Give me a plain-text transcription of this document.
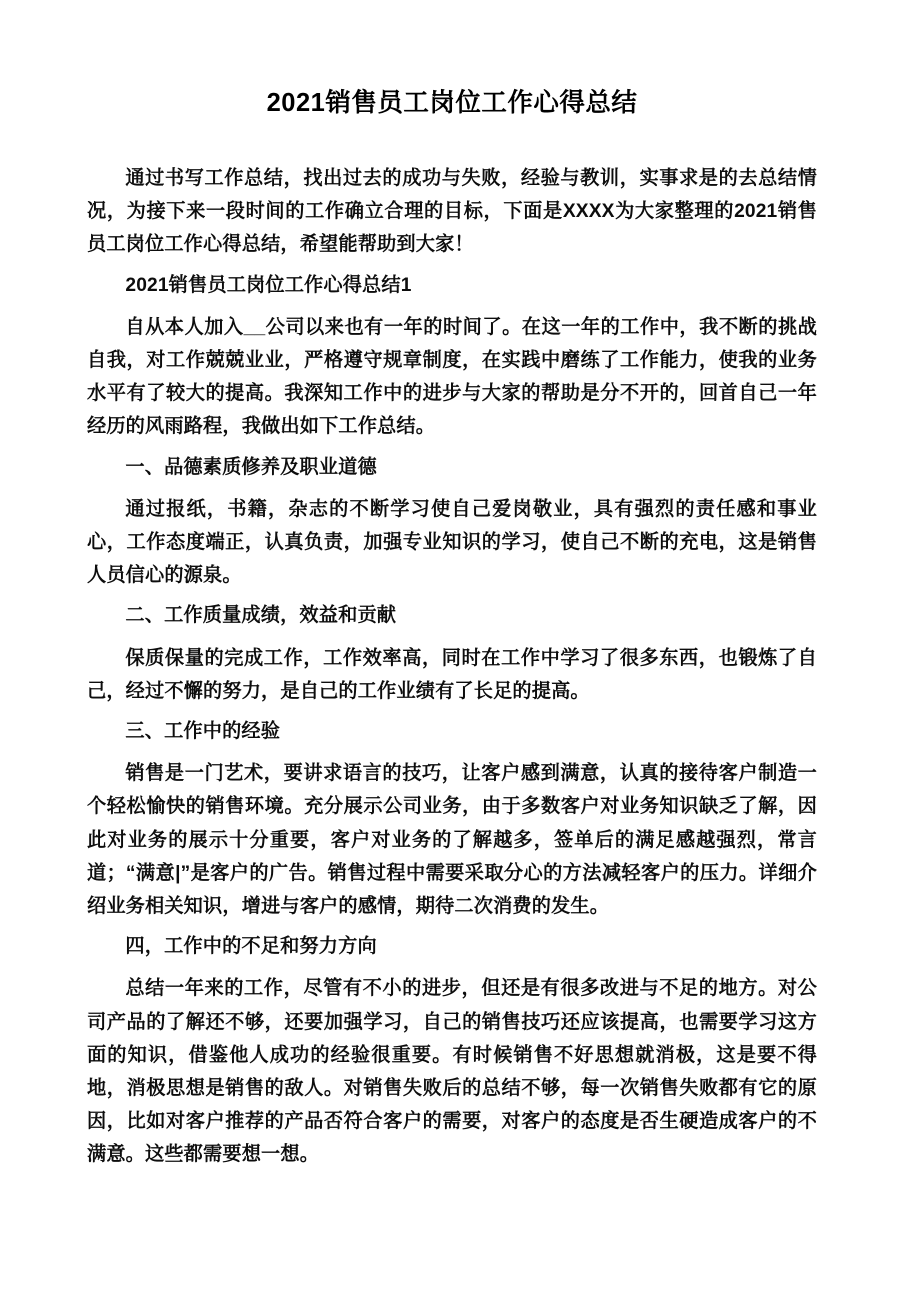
2021销售员工岗位工作心得总结

通过书写工作总结，找出过去的成功与失败，经验与教训，实事求是的去总结情况，为接下来一段时间的工作确立合理的目标，下面是XXXX为大家整理的2021销售员工岗位工作心得总结，希望能帮助到大家！

2021销售员工岗位工作心得总结1

自从本人加入__公司以来也有一年的时间了。在这一年的工作中，我不断的挑战自我，对工作兢兢业业，严格遵守规章制度，在实践中磨练了工作能力，使我的业务水平有了较大的提高。我深知工作中的进步与大家的帮助是分不开的，回首自己一年经历的风雨路程，我做出如下工作总结。

一、品德素质修养及职业道德

通过报纸，书籍，杂志的不断学习使自己爱岗敬业，具有强烈的责任感和事业心，工作态度端正，认真负责，加强专业知识的学习，使自己不断的充电，这是销售人员信心的源泉。

二、工作质量成绩，效益和贡献

保质保量的完成工作，工作效率高，同时在工作中学习了很多东西，也锻炼了自己，经过不懈的努力，是自己的工作业绩有了长足的提高。

三、工作中的经验

销售是一门艺术，要讲求语言的技巧，让客户感到满意，认真的接待客户制造一个轻松愉快的销售环境。充分展示公司业务，由于多数客户对业务知识缺乏了解，因此对业务的展示十分重要，客户对业务的了解越多，签单后的满足感越强烈，常言道；“满意|”是客户的广告。销售过程中需要采取分心的方法减轻客户的压力。详细介绍业务相关知识，增进与客户的感情，期待二次消费的发生。

四，工作中的不足和努力方向

总结一年来的工作，尽管有不小的进步，但还是有很多改进与不足的地方。对公司产品的了解还不够，还要加强学习，自己的销售技巧还应该提高，也需要学习这方面的知识，借鉴他人成功的经验很重要。有时候销售不好思想就消极，这是要不得地，消极思想是销售的敌人。对销售失败后的总结不够，每一次销售失败都有它的原因，比如对客户推荐的产品否符合客户的需要，对客户的态度是否生硬造成客户的不满意。这些都需要想一想。
